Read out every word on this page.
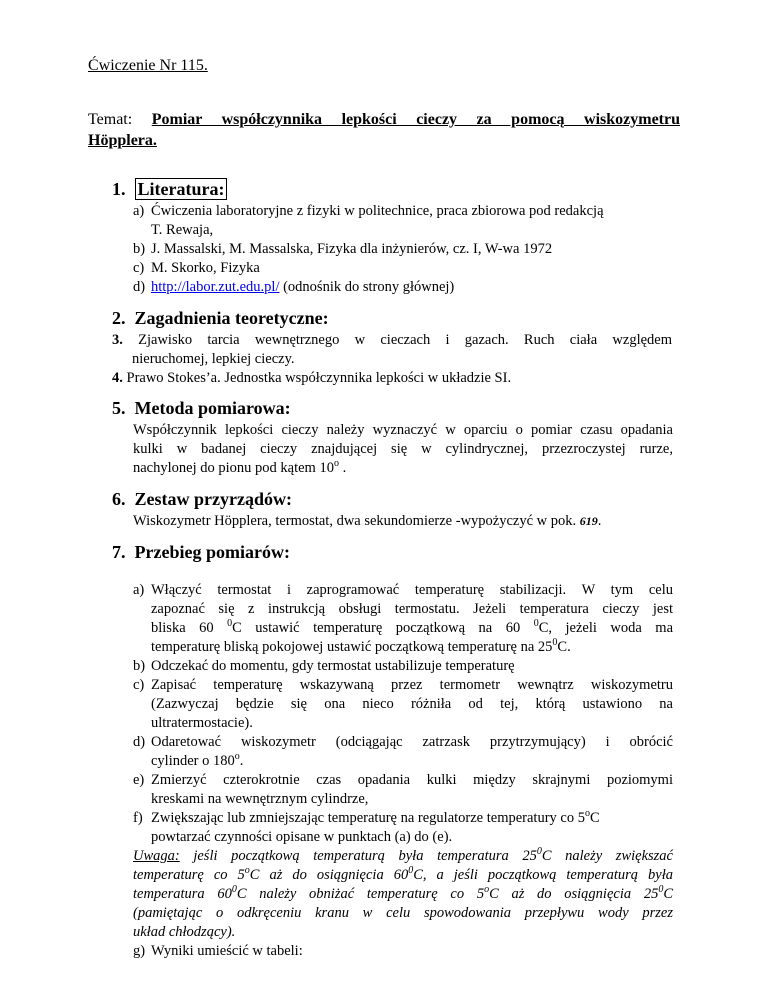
Ćwiczenie Nr 115.
Temat: Pomiar współczynnika lepkości cieczy za pomocą wiskozymetru
Höpplera.
1. Literatura:
a) Ćwiczenia laboratoryjne z fizyki w politechnice, praca zbiorowa pod redakcją
T. Rewaja,
b) J. Massalski, M. Massalska, Fizyka dla inżynierów, cz. I, W-wa 1972
c) M. Skorko, Fizyka
d) http://labor.zut.edu.pl/ (odnośnik do strony głównej)
2. Zagadnienia teoretyczne:
3. Zjawisko tarcia wewnętrznego w cieczach i gazach. Ruch ciała względem
nieruchomej, lepkiej cieczy.
4. Prawo Stokes’a. Jednostka współczynnika lepkości w układzie SI.
5. Metoda pomiarowa:
Współczynnik lepkości cieczy należy wyznaczyć w oparciu o pomiar czasu opadania
kulki w badanej cieczy znajdującej się w cylindrycznej, przezroczystej rurze,
nachylonej do pionu pod kątem 10$^o$ .
6. Zestaw przyrządów:
Wiskozymetr Höpplera, termostat, dwa sekundomierze -wypożyczyć w pok. 619.
7. Przebieg pomiarów:
a) Włączyć termostat i zaprogramować temperaturę stabilizacji. W tym celu
zapoznać się z instrukcją obsługi termostatu. Jeżeli temperatura cieczy jest
bliska 60 $^0$C ustawić temperaturę początkową na 60 $^0$C, jeżeli woda ma
temperaturę bliską pokojowej ustawić początkową temperaturę na $25^0C$.
b) Odczekać do momentu, gdy termostat ustabilizuje temperaturę
c) Zapisać temperaturę wskazywaną przez termometr wewnątrz wiskozymetru
(Zazwyczaj będzie się ona nieco różniła od tej, którą ustawiono na
ultratermostacie).
d) Odaretować wiskozymetr (odciągając zatrzask przytrzymujący) i obrócić
cylinder o 180$^o$.
e) Zmierzyć czterokrotnie czas opadania kulki między skrajnymi poziomymi
kreskami na wewnętrznym cylindrze,
f) Zwiększając lub zmniejszając temperaturę na regulatorze temperatury co 5$^o$C
powtarzać czynności opisane w punktach (a) do (e).
Uwaga: jeśli początkową temperaturą była temperatura $25^0C$ należy zwiększać
temperaturę co 5$^o$C aż do osiągnięcia $60^0C$, a jeśli początkową temperaturą była
temperatura $60^0C$ należy obniżać temperaturę co 5$^o$C aż do osiągnięcia $25^0C$
(pamiętając o odkręceniu kranu w celu spowodowania przepływu wody przez
układ chłodzący).
g) Wyniki umieścić w tabeli:
